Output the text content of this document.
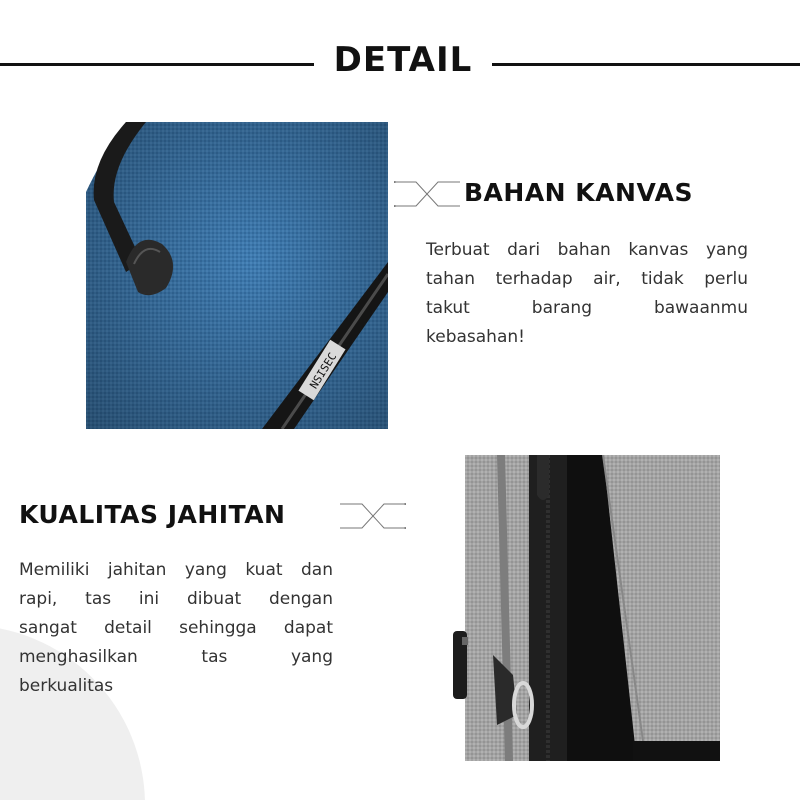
DETAIL
NSISEC
BAHAN KANVAS
Terbuat dari bahan kanvas yang
tahan terhadap air, tidak perlu
takut barang bawaanmu
kebasahan!
KUALITAS JAHITAN
Memiliki jahitan yang kuat dan
rapi, tas ini dibuat dengan
sangat detail sehingga dapat
menghasilkan tas yang
berkualitas
